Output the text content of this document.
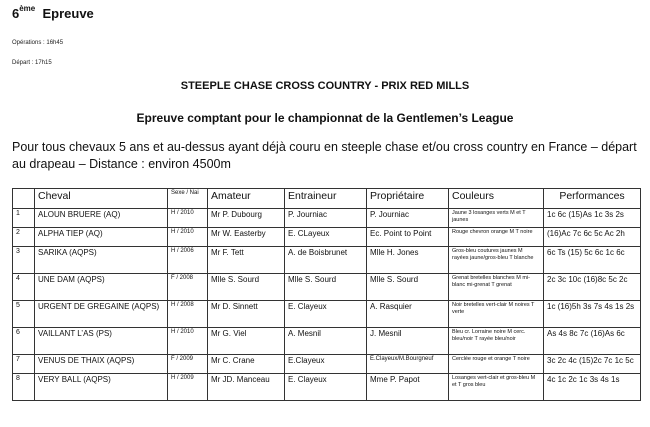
6ème Epreuve
Opérations : 16h45
Départ : 17h15
STEEPLE CHASE CROSS COUNTRY - PRIX RED MILLS
Epreuve comptant pour le championnat de la Gentlemen’s League
Pour tous chevaux 5 ans et au-dessus ayant déjà couru en steeple chase et/ou cross country en France – départ au drapeau – Distance : environ 4500m
	Cheval	Sexe / Nai	Amateur	Entraineur	Propriétaire	Couleurs	Performances
1	ALOUN BRUERE (AQ)	H / 2010	Mr P. Dubourg	P. Journiac	P. Journiac	Jaune 3 losanges verts M et T jaunes	1c 6c (15)As 1c 3s 2s
2	ALPHA TIEP (AQ)	H / 2010	Mr W. Easterby	E. CLayeux	Ec. Point to Point	Rouge chevron orange M T noire	(16)Ac 7c 6c 5c Ac 2h
3	SARIKA (AQPS)	H / 2006	Mr F. Tett	A. de Boisbrunet	Mlle H. Jones	Gros-bleu coutures jaunes M rayées jaune/gros-bleu T blanche	6c Ts (15) 5c 6c 1c 6c
4	UNE DAM (AQPS)	F / 2008	Mlle S. Sourd	Mlle S. Sourd	Mlle S. Sourd	Grenat bretelles blanches M mi-blanc mi-grenat T grenat	2c 3c 10c (16)8c 5c 2c
5	URGENT DE GREGAINE (AQPS)	H / 2008	Mr D. Sinnett	E. Clayeux	A. Rasquier	Noir bretelles vert-clair M noires T verte	1c (16)5h 3s 7s 4s 1s 2s
6	VAILLANT L’AS (PS)	H / 2010	Mr G. Viel	A. Mesnil	J. Mesnil	Bleu cr. Lorraine noire M cerc. bleu/noir T rayée bleu/noir	As 4s 8c 7c (16)As 6c
7	VENUS DE THAIX (AQPS)	F / 2009	Mr C. Crane	E.Clayeux	E.Clayeux/M.Bourgneuf	Cerclée rouge et orange T noire	3c 2c 4c (15)2c 7c 1c 5c
8	VERY BALL (AQPS)	H / 2009	Mr JD. Manceau	E. Clayeux	Mme P. Papot	Losanges vert-clair et gros-bleu M et T gros bleu	4c 1c 2c 1c 3s 4s 1s
